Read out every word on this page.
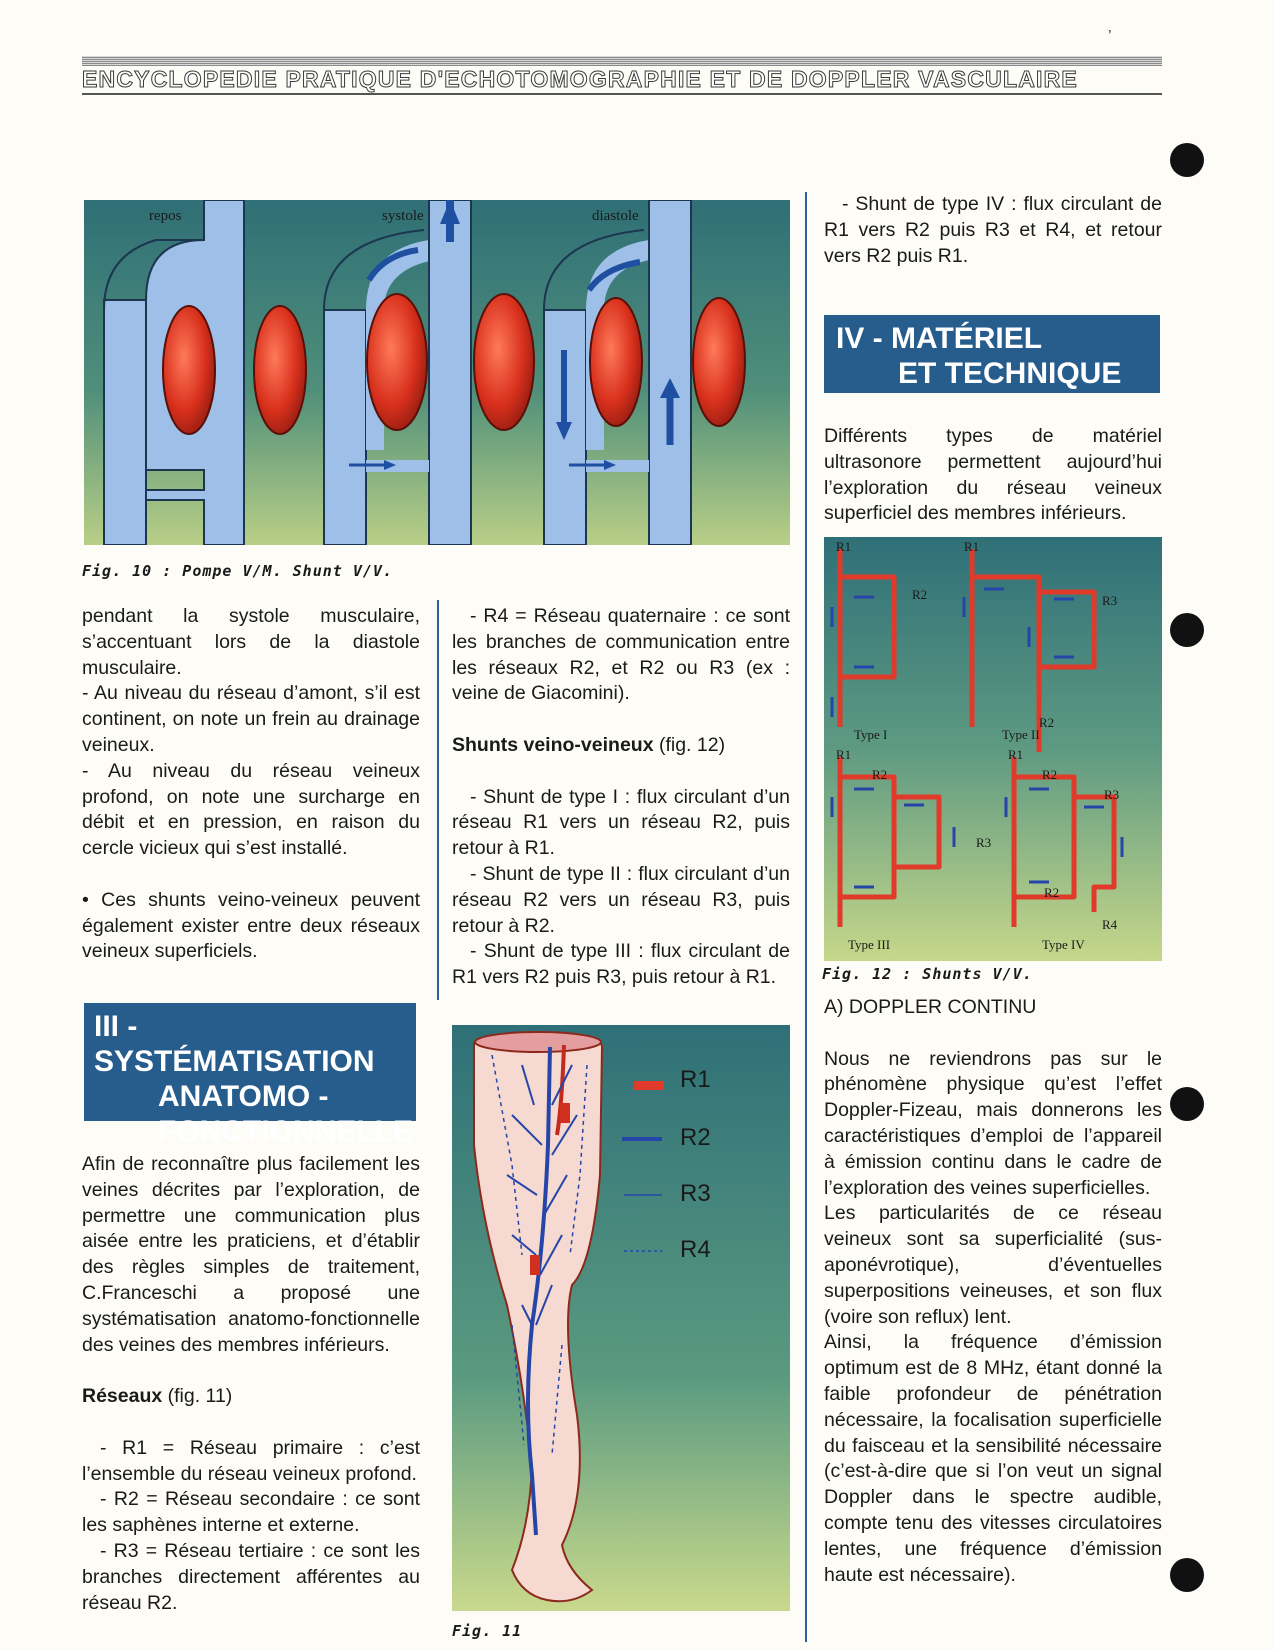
ENCYCLOPEDIE PRATIQUE D'ECHOTOMOGRAPHIE ET DE DOPPLER VASCULAIRE
’
repos	systole	diastole
Fig. 10 : Pompe V/M. Shunt V/V.

pendant la systole musculaire, s’accentuant lors de la diastole musculaire.

- Au niveau du réseau d’amont, s’il est continent, on note un frein au drainage veineux.

- Au niveau du réseau veineux profond, on note une surcharge en débit et en pression, en raison du cercle vicieux qui s’est installé.

• Ces shunts veino-veineux peuvent également exister entre deux réseaux veineux superficiels.

III - SYSTÉMATISATION
ANATOMO -
FONCTIONNELLE

Afin de reconnaître plus facilement les veines décrites par l’exploration, de permettre une communication plus aisée entre les praticiens, et d’établir des règles simples de traitement, C.Franceschi a proposé une systématisation anatomo-fonctionnelle des veines des membres inférieurs.

Réseaux (fig. 11)

- R1 = Réseau primaire : c’est l’ensemble du réseau veineux profond.

- R2 = Réseau secondaire : ce sont les saphènes interne et externe.

- R3 = Réseau tertiaire : ce sont les branches directement afférentes au réseau R2.

- R4 = Réseau quaternaire : ce sont les branches de communication entre les réseaux R2, et R2 ou R3 (ex : veine de Giacomini).

Shunts veino-veineux (fig. 12)

- Shunt de type I : flux circulant d’un réseau R1 vers un réseau R2, puis retour à R1.

- Shunt de type II : flux circulant d’un réseau R2 vers un réseau R3, puis retour à R2.

- Shunt de type III : flux circulant de R1 vers R2 puis R3, puis retour à R1.

R1
R2
R3
R4
Fig. 11

- Shunt de type IV : flux circulant de R1 vers R2 puis R3 et R4, et retour vers R2 puis R1.

IV - MATÉRIEL
ET TECHNIQUE

Différents types de matériel ultrasonore permettent aujourd’hui l’exploration du réseau veineux superficiel des membres inférieurs.

R1
R2
R1
R3
R2
Type I	Type II
R1
R2
R1
R2
R3
R3
R2
R4
Type III	Type IV
Fig. 12 : Shunts V/V.

A) DOPPLER CONTINU

Nous ne reviendrons pas sur le phénomène physique qu’est l’effet Doppler-Fizeau, mais donnerons les caractéristiques d’emploi de l’appareil à émission continu dans le cadre de l’exploration des veines superficielles.

Les particularités de ce réseau veineux sont sa superficialité (sus-aponévrotique), d’éventuelles superpositions veineuses, et son flux (voire son reflux) lent.

Ainsi, la fréquence d’émission optimum est de 8 MHz, étant donné la faible profondeur de pénétration nécessaire, la focalisation superficielle du faisceau et la sensibilité nécessaire (c’est-à-dire que si l’on veut un signal Doppler dans le spectre audible, compte tenu des vitesses circulatoires lentes, une fréquence d’émission haute est nécessaire).
